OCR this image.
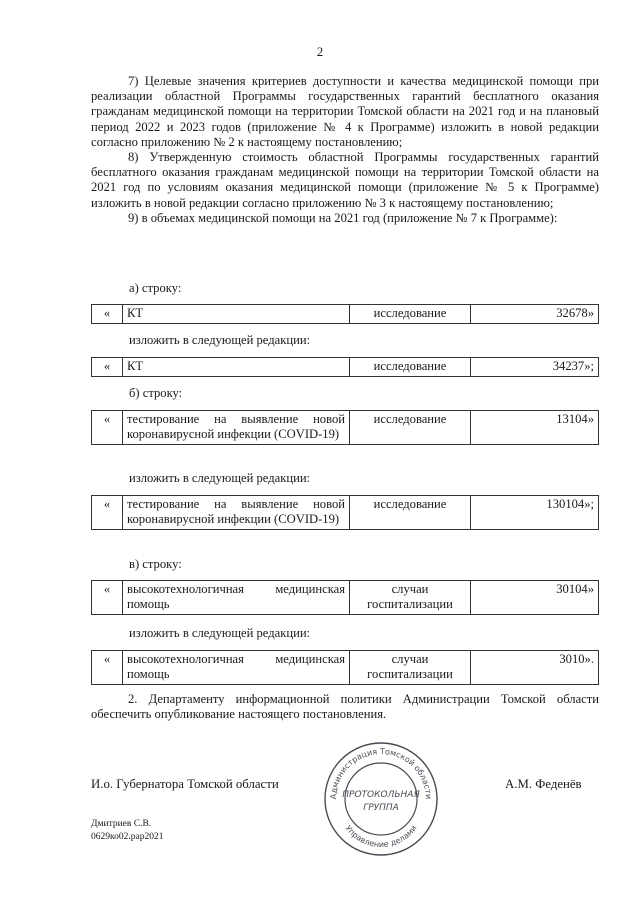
2

7) Целевые значения критериев доступности и качества медицинской помощи при реализации областной Программы государственных гарантий бесплатного оказания гражданам медицинской помощи на территории Томской области на 2021 год и на плановый период 2022 и 2023 годов (приложение № 4 к Программе) изложить в новой редакции согласно приложению № 2 к настоящему постановлению;

8) Утвержденную стоимость областной Программы государственных гарантий бесплатного оказания гражданам медицинской помощи на территории Томской области на 2021 год по условиям оказания медицинской помощи (приложение № 5 к Программе) изложить в новой редакции согласно приложению № 3 к настоящему постановлению;

9) в объемах медицинской помощи на 2021 год (приложение № 7 к Программе):

а) строку:
«	КТ	исследование	32678»
изложить в следующей редакции:
«	КТ	исследование	34237»;
б) строку:
«	тестирование на выявление новой коронавирусной инфекции (COVID-19)	исследование	13104»
изложить в следующей редакции:
«	тестирование на выявление новой коронавирусной инфекции (COVID-19)	исследование	130104»;
в) строку:
«	высокотехнологичная медицинская помощь	случаи госпитализации	30104»
изложить в следующей редакции:
«	высокотехнологичная медицинская помощь	случаи госпитализации	3010».

2. Департаменту информационной политики Администрации Томской области обеспечить опубликование настоящего постановления.

И.о. Губернатора Томской области
Администрация Томской области
Управление делами
ПРОТОКОЛЬНАЯ
ГРУППА
А.М. Феденёв
Дмитриев С.В.
0629ко02.рар2021
